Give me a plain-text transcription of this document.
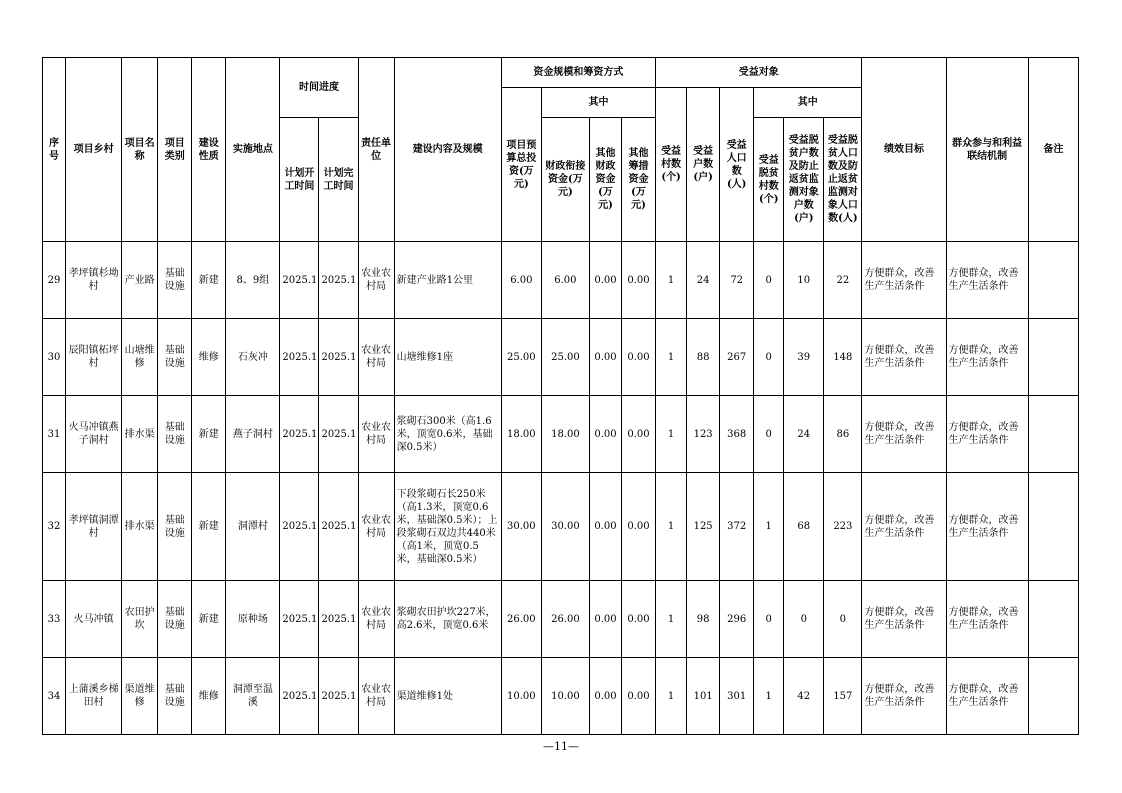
序号	项目乡村	项目名称	项目类别	建设性质	实施地点	时间进度		责任单位	建设内容及规模	资金规模和筹资方式				受益对象						绩效目标	群众参与和利益联结机制	备注
										项目预算总投资(万元)	其中			受益村数(个)	受益户数(户)	受益人口数(人)	其中					
						计划开工时间	计划完工时间				财政衔接资金(万元)	其他财政资金(万元)	其他筹措资金(万元)				受益脱贫村数(个)	受益脱贫户数及防止返贫监测对象户数(户)	受益脱贫人口数及防止返贫监测对象人口数(人)			
29	孝坪镇杉坳村	产业路	基础设施	新建	8、9组	2025.1	2025.1	农业农村局	新建产业路1公里	6.00	6.00	0.00	0.00	1	24	72	0	10	22	方便群众，改善生产生活条件	方便群众，改善生产生活条件	
30	辰阳镇柘坪村	山塘维修	基础设施	维修	石灰冲	2025.1	2025.1	农业农村局	山塘维修1座	25.00	25.00	0.00	0.00	1	88	267	0	39	148	方便群众，改善生产生活条件	方便群众，改善生产生活条件	
31	火马冲镇燕子洞村	排水渠	基础设施	新建	燕子洞村	2025.1	2025.1	农业农村局	浆砌石300米（高1.6米，顶宽0.6米，基础深0.5米）	18.00	18.00	0.00	0.00	1	123	368	0	24	86	方便群众，改善生产生活条件	方便群众，改善生产生活条件	
32	孝坪镇洞潭村	排水渠	基础设施	新建	洞潭村	2025.1	2025.1	农业农村局	下段浆砌石长250米（高1.3米，顶宽0.6米，基础深0.5米）；上段浆砌石双边共440米（高1米，顶宽0.5米，基础深0.5米）	30.00	30.00	0.00	0.00	1	125	372	1	68	223	方便群众，改善生产生活条件	方便群众，改善生产生活条件	
33	火马冲镇	农田护坎	基础设施	新建	原种场	2025.1	2025.1	农业农村局	浆砌农田护坎227米，高2.6米，顶宽0.6米	26.00	26.00	0.00	0.00	1	98	296	0	0	0	方便群众，改善生产生活条件	方便群众，改善生产生活条件	
34	上蒲溪乡梯田村	渠道维修	基础设施	维修	洞潭至温溪	2025.1	2025.1	农业农村局	渠道维修1处	10.00	10.00	0.00	0.00	1	101	301	1	42	157	方便群众，改善生产生活条件	方便群众，改善生产生活条件	
—11—
